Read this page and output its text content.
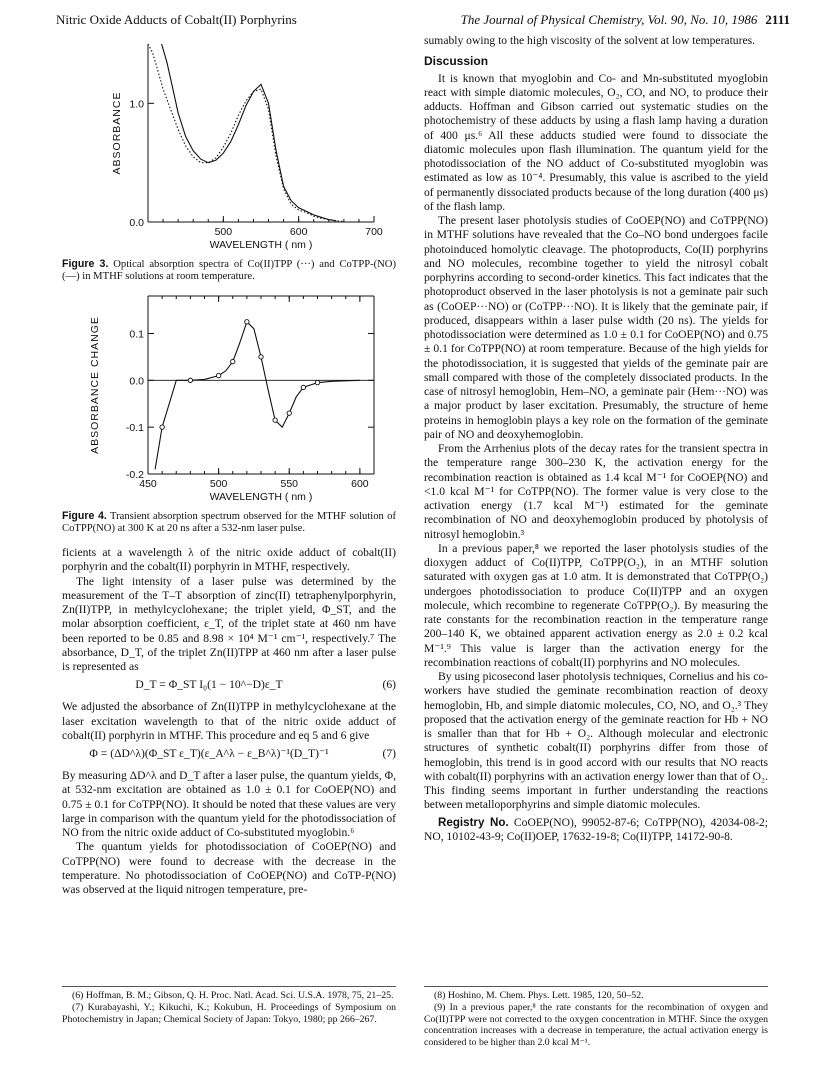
Nitric Oxide Adducts of Cobalt(II) Porphyrins	The Journal of Physical Chemistry, Vol. 90, No. 10, 1986 2111
500	600	700
0.0
1.0
WAVELENGTH ( nm )
ABSORBANCE
Figure 3. Optical absorption spectra of Co(II)TPP (···) and CoTPP-(NO) (—) in MTHF solutions at room temperature.
450	500	550	600
0.1
0.0
-0.1
-0.2
WAVELENGTH ( nm )
ABSORBANCE CHANGE
Figure 4. Transient absorption spectrum observed for the MTHF solution of CoTPP(NO) at 300 K at 20 ns after a 532-nm laser pulse.

ficients at a wavelength λ of the nitric oxide adduct of cobalt(II) porphyrin and the cobalt(II) porphyrin in MTHF, respectively.

The light intensity of a laser pulse was determined by the measurement of the T–T absorption of zinc(II) tetraphenylporphyrin, Zn(II)TPP, in methylcyclohexane; the triplet yield, Φ_ST, and the molar absorption coefficient, ε_T, of the triplet state at 460 nm have been reported to be 0.85 and 8.98 × 10⁴ M⁻¹ cm⁻¹, respectively.⁷ The absorbance, D_T, of the triplet Zn(II)TPP at 460 nm after a laser pulse is represented as

D_T = Φ_ST I₀(1 − 10^−D)ε_T	(6)

We adjusted the absorbance of Zn(II)TPP in methylcyclohexane at the laser excitation wavelength to that of the nitric oxide adduct of cobalt(II) porphyrin in MTHF. This procedure and eq 5 and 6 give

Φ = (ΔD^λ)(Φ_ST ε_T)(ε_A^λ − ε_B^λ)⁻¹(D_T)⁻¹	(7)

By measuring ΔD^λ and D_T after a laser pulse, the quantum yields, Φ, at 532-nm excitation are obtained as 1.0 ± 0.1 for CoOEP(NO) and 0.75 ± 0.1 for CoTPP(NO). It should be noted that these values are very large in comparison with the quantum yield for the photodissociation of NO from the nitric oxide adduct of Co-substituted myoglobin.⁶

The quantum yields for photodissociation of CoOEP(NO) and CoTPP(NO) were found to decrease with the decrease in the temperature. No photodissociation of CoOEP(NO) and CoTP-P(NO) was observed at the liquid nitrogen temperature, pre-

sumably owing to the high viscosity of the solvent at low temperatures.

Discussion

It is known that myoglobin and Co- and Mn-substituted myoglobin react with simple diatomic molecules, O₂, CO, and NO, to produce their adducts. Hoffman and Gibson carried out systematic studies on the photochemistry of these adducts by using a flash lamp having a duration of 400 μs.⁶ All these adducts studied were found to dissociate the diatomic molecules upon flash illumination. The quantum yield for the photodissociation of the NO adduct of Co-substituted myoglobin was estimated as low as 10⁻⁴. Presumably, this value is ascribed to the yield of permanently dissociated products because of the long duration (400 μs) of the flash lamp.

The present laser photolysis studies of CoOEP(NO) and CoTPP(NO) in MTHF solutions have revealed that the Co–NO bond undergoes facile photoinduced homolytic cleavage. The photoproducts, Co(II) porphyrins and NO molecules, recombine together to yield the nitrosyl cobalt porphyrins according to second-order kinetics. This fact indicates that the photoproduct observed in the laser photolysis is not a geminate pair such as (CoOEP···NO) or (CoTPP···NO). It is likely that the geminate pair, if produced, disappears within a laser pulse width (20 ns). The yields for photodissociation were determined as 1.0 ± 0.1 for CoOEP(NO) and 0.75 ± 0.1 for CoTPP(NO) at room temperature. Because of the high yields for the photodissociation, it is suggested that yields of the geminate pair are small compared with those of the completely dissociated products. In the case of nitrosyl hemoglobin, Hem–NO, a geminate pair (Hem···NO) was a major product by laser excitation. Presumably, the structure of heme proteins in hemoglobin plays a key role on the formation of the geminate pair of NO and deoxyhemoglobin.

From the Arrhenius plots of the decay rates for the transient spectra in the temperature range 300–230 K, the activation energy for the recombination reaction is obtained as 1.4 kcal M⁻¹ for CoOEP(NO) and <1.0 kcal M⁻¹ for CoTPP(NO). The former value is very close to the activation energy (1.7 kcal M⁻¹) estimated for the geminate recombination of NO and deoxyhemoglobin produced by photolysis of nitrosyl hemoglobin.³

In a previous paper,⁸ we reported the laser photolysis studies of the dioxygen adduct of Co(II)TPP, CoTPP(O₂), in an MTHF solution saturated with oxygen gas at 1.0 atm. It is demonstrated that CoTPP(O₂) undergoes photodissociation to produce Co(II)TPP and an oxygen molecule, which recombine to regenerate CoTPP(O₂). By measuring the rate constants for the recombination reaction in the temperature range 200–140 K, we obtained apparent activation energy as 2.0 ± 0.2 kcal M⁻¹.⁹ This value is larger than the activation energy for the recombination reactions of cobalt(II) porphyrins and NO molecules.

By using picosecond laser photolysis techniques, Cornelius and his co-workers have studied the geminate recombination reaction of deoxy hemoglobin, Hb, and simple diatomic molecules, CO, NO, and O₂.³ They proposed that the activation energy of the geminate reaction for Hb + NO is smaller than that for Hb + O₂. Although molecular and electronic structures of synthetic cobalt(II) porphyrins differ from those of hemoglobin, this trend is in good accord with our results that NO reacts with cobalt(II) porphyrins with an activation energy lower than that of O₂. This finding seems important in further understanding the reactions between metalloporphyrins and simple diatomic molecules.

Registry No. CoOEP(NO), 99052-87-6; CoTPP(NO), 42034-08-2; NO, 10102-43-9; Co(II)OEP, 17632-19-8; Co(II)TPP, 14172-90-8.

(6) Hoffman, B. M.; Gibson, Q. H. Proc. Natl. Acad. Sci. U.S.A. 1978, 75, 21–25.

(7) Kurabayashi, Y.; Kikuchi, K.; Kokubun, H. Proceedings of Symposium on Photochemistry in Japan; Chemical Society of Japan: Tokyo, 1980; pp 266–267.

(8) Hoshino, M. Chem. Phys. Lett. 1985, 120, 50–52.

(9) In a previous paper,⁸ the rate constants for the recombination of oxygen and Co(II)TPP were not corrected to the oxygen concentration in MTHF. Since the oxygen concentration increases with a decrease in temperature, the actual activation energy is considered to be higher than 2.0 kcal M⁻¹.
